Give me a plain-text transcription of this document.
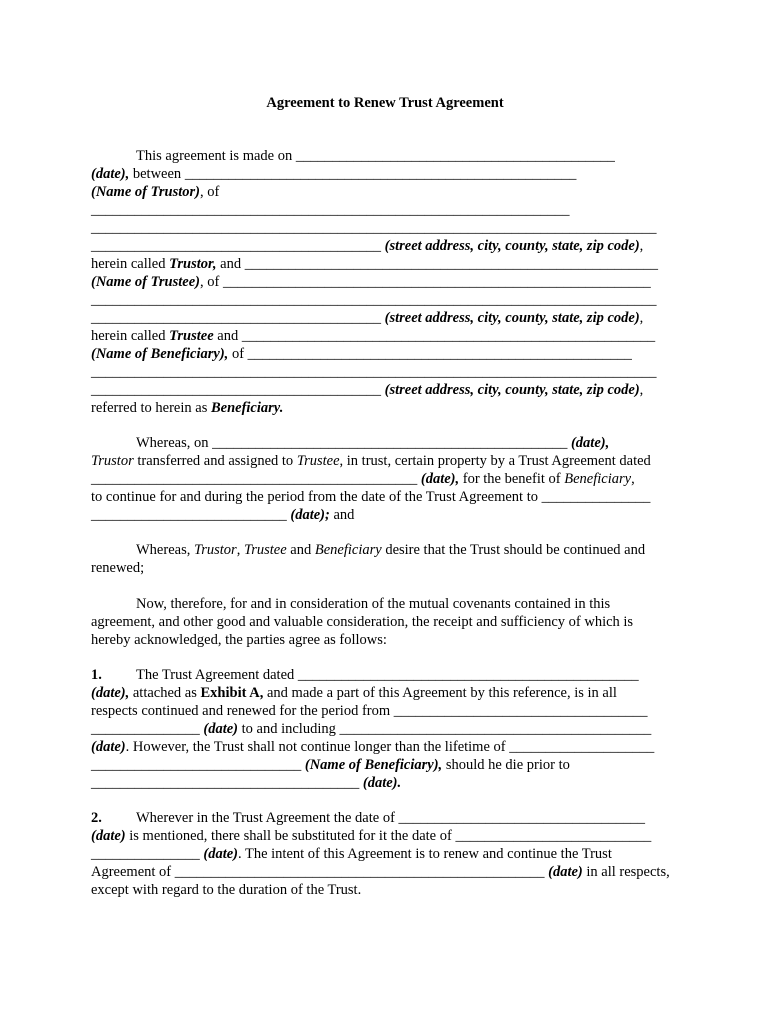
Agreement to Renew Trust Agreement
This agreement is made on ____________________________________________
(date), between ______________________________________________________
(Name of Trustor), of
__________________________________________________________________
______________________________________________________________________________
________________________________________ (street address, city, county, state, zip code),
herein called Trustor, and _________________________________________________________
(Name of Trustee), of ___________________________________________________________
______________________________________________________________________________
________________________________________ (street address, city, county, state, zip code),
herein called Trustee and _________________________________________________________
(Name of Beneficiary), of _____________________________________________________
______________________________________________________________________________
________________________________________ (street address, city, county, state, zip code),
referred to herein as Beneficiary.
Whereas, on _________________________________________________ (date),
Trustor transferred and assigned to Trustee, in trust, certain property by a Trust Agreement dated
_____________________________________________ (date), for the benefit of Beneficiary,
to continue for and during the period from the date of the Trust Agreement to _______________
___________________________ (date); and
Whereas, Trustor, Trustee and Beneficiary desire that the Trust should be continued and
renewed;
Now, therefore, for and in consideration of the mutual covenants contained in this
agreement, and other good and valuable consideration, the receipt and sufficiency of which is
hereby acknowledged, the parties agree as follows:
1. The Trust Agreement dated _______________________________________________
(date), attached as Exhibit A, and made a part of this Agreement by this reference, is in all
respects continued and renewed for the period from ___________________________________
_______________ (date) to and including ___________________________________________
(date). However, the Trust shall not continue longer than the lifetime of ____________________
_____________________________ (Name of Beneficiary), should he die prior to
_____________________________________ (date).
2. Wherever in the Trust Agreement the date of __________________________________
(date) is mentioned, there shall be substituted for it the date of ___________________________
_______________ (date). The intent of this Agreement is to renew and continue the Trust
Agreement of ___________________________________________________ (date) in all respects,
except with regard to the duration of the Trust.
